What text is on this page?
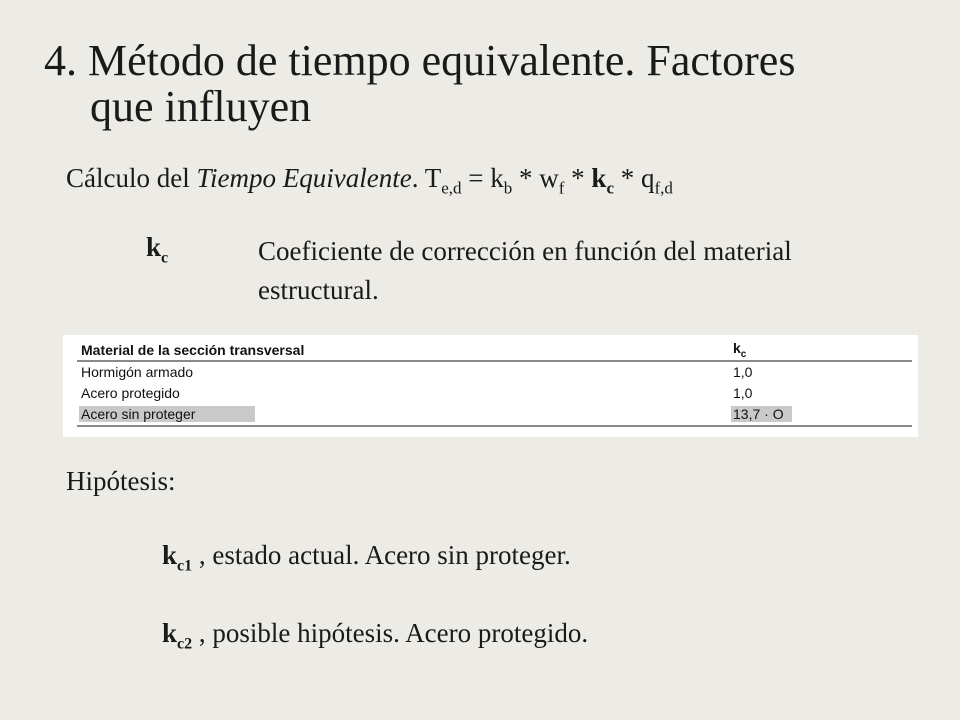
4. Método de tiempo equivalente. Factores
que influyen
Cálculo del Tiempo Equivalente. $T_{e,d} = k_b * w_f * k_c * q_{f,d}$
$k_c$	Coeficiente de corrección en función del material estructural.
Material de la sección transversal	$k_c$
Hormigón armado	1,0
Acero protegido	1,0
Acero sin proteger	13,7 · O
Hipótesis:
$k_{c1}$ , estado actual. Acero sin proteger.
$k_{c2}$ , posible hipótesis. Acero protegido.
